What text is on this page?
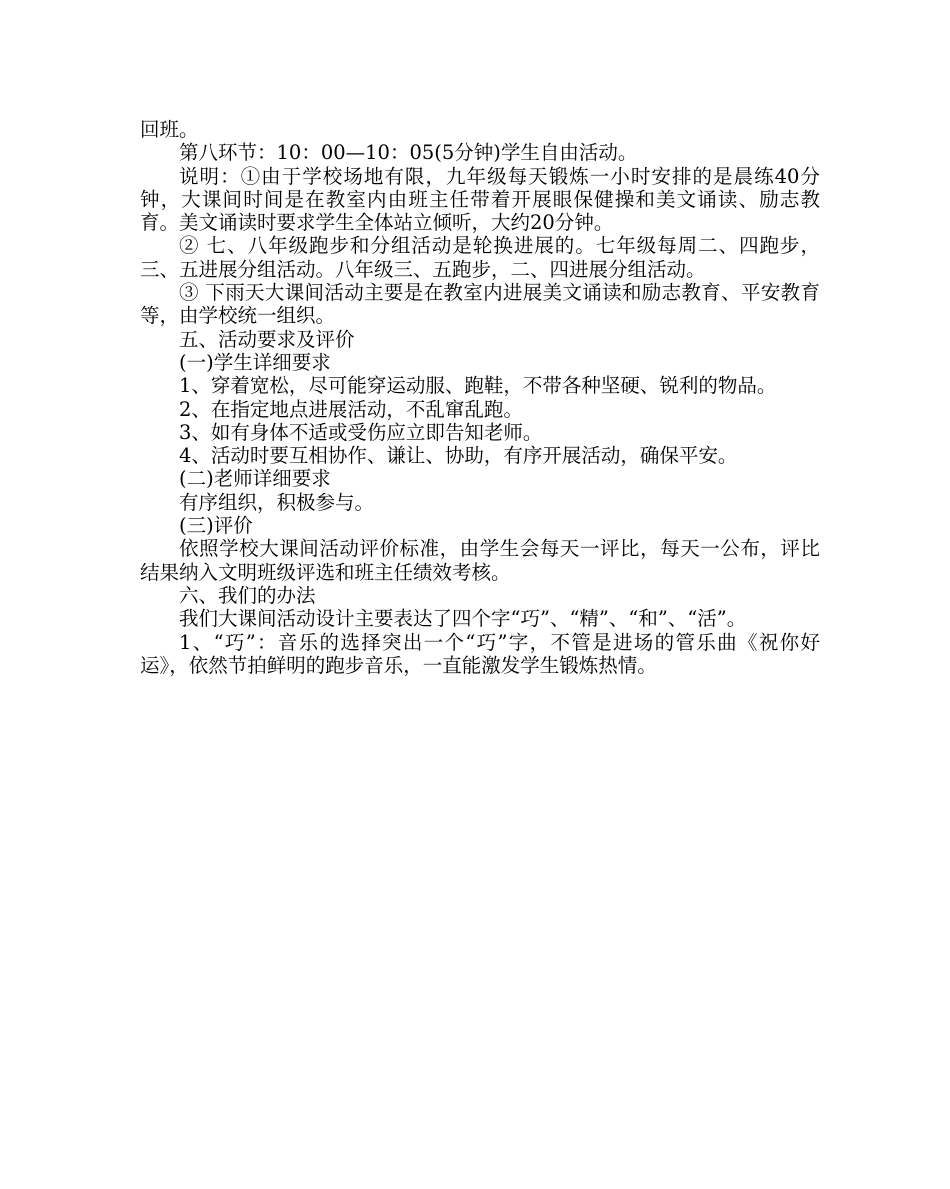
回班。

第八环节：10：00—10：05(5分钟)学生自由活动。

说明：①由于学校场地有限，九年级每天锻炼一小时安排的是晨练40分钟，大课间时间是在教室内由班主任带着开展眼保健操和美文诵读、励志教育。美文诵读时要求学生全体站立倾听，大约20分钟。

② 七、八年级跑步和分组活动是轮换进展的。七年级每周二、四跑步，三、五进展分组活动。八年级三、五跑步，二、四进展分组活动。

③ 下雨天大课间活动主要是在教室内进展美文诵读和励志教育、平安教育等，由学校统一组织。

五、活动要求及评价

(一)学生详细要求

1、穿着宽松，尽可能穿运动服、跑鞋，不带各种坚硬、锐利的物品。

2、在指定地点进展活动，不乱窜乱跑。

3、如有身体不适或受伤应立即告知老师。

4、活动时要互相协作、谦让、协助，有序开展活动，确保平安。

(二)老师详细要求

有序组织，积极参与。

(三)评价

依照学校大课间活动评价标准，由学生会每天一评比，每天一公布，评比结果纳入文明班级评选和班主任绩效考核。

六、我们的办法

我们大课间活动设计主要表达了四个字“巧”、“精”、“和”、“活”。

1、“巧”：音乐的选择突出一个“巧”字，不管是进场的管乐曲《祝你好运》，依然节拍鲜明的跑步音乐，一直能激发学生锻炼热情。
